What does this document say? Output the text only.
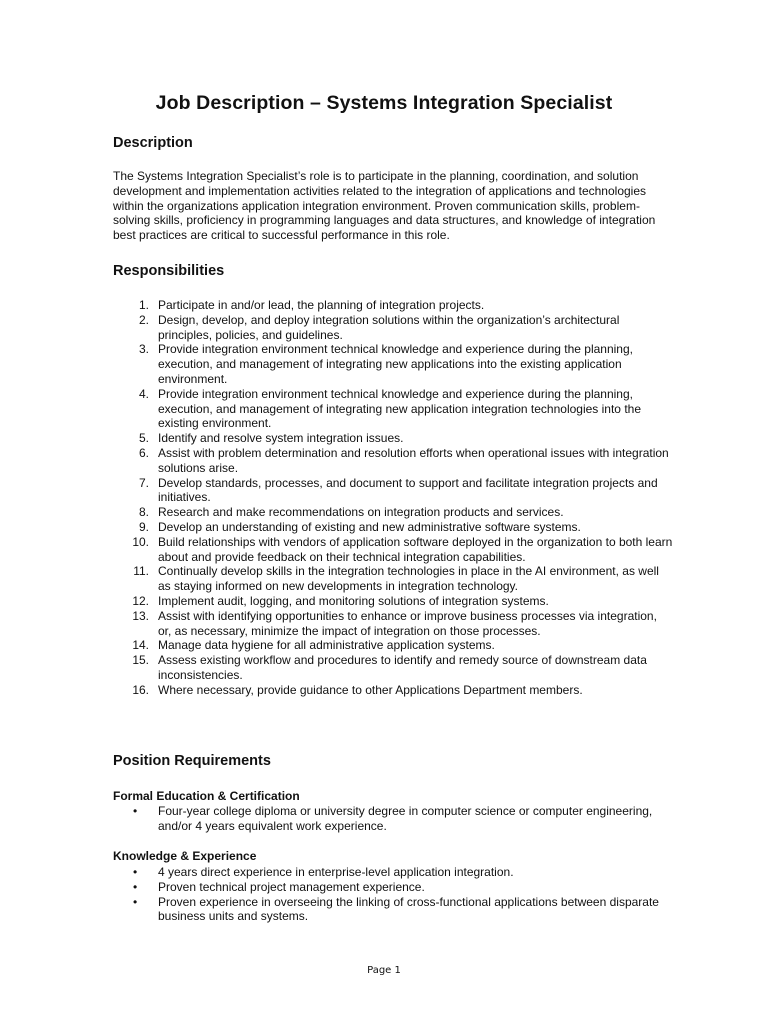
Job Description – Systems Integration Specialist
Description

The Systems Integration Specialist’s role is to participate in the planning, coordination, and solution development and implementation activities related to the integration of applications and technologies within the organizations application integration environment. Proven communication skills, problem-solving skills, proficiency in programming languages and data structures, and knowledge of integration best practices are critical to successful performance in this role.

Responsibilities
1. Participate in and/or lead, the planning of integration projects.
2. Design, develop, and deploy integration solutions within the organization’s architectural principles, policies, and guidelines.
3. Provide integration environment technical knowledge and experience during the planning, execution, and management of integrating new applications into the existing application environment.
4. Provide integration environment technical knowledge and experience during the planning, execution, and management of integrating new application integration technologies into the existing environment.
5. Identify and resolve system integration issues.
6. Assist with problem determination and resolution efforts when operational issues with integration solutions arise.
7. Develop standards, processes, and document to support and facilitate integration projects and initiatives.
8. Research and make recommendations on integration products and services.
9. Develop an understanding of existing and new administrative software systems.
10. Build relationships with vendors of application software deployed in the organization to both learn about and provide feedback on their technical integration capabilities.
11. Continually develop skills in the integration technologies in place in the AI environment, as well as staying informed on new developments in integration technology.
12. Implement audit, logging, and monitoring solutions of integration systems.
13. Assist with identifying opportunities to enhance or improve business processes via integration, or, as necessary, minimize the impact of integration on those processes.
14. Manage data hygiene for all administrative application systems.
15. Assess existing workflow and procedures to identify and remedy source of downstream data inconsistencies.
16. Where necessary, provide guidance to other Applications Department members.
Position Requirements
Formal Education & Certification
• Four-year college diploma or university degree in computer science or computer engineering, and/or 4 years equivalent work experience.
Knowledge & Experience
• 4 years direct experience in enterprise-level application integration.
• Proven technical project management experience.
• Proven experience in overseeing the linking of cross-functional applications between disparate business units and systems.
Page 1
